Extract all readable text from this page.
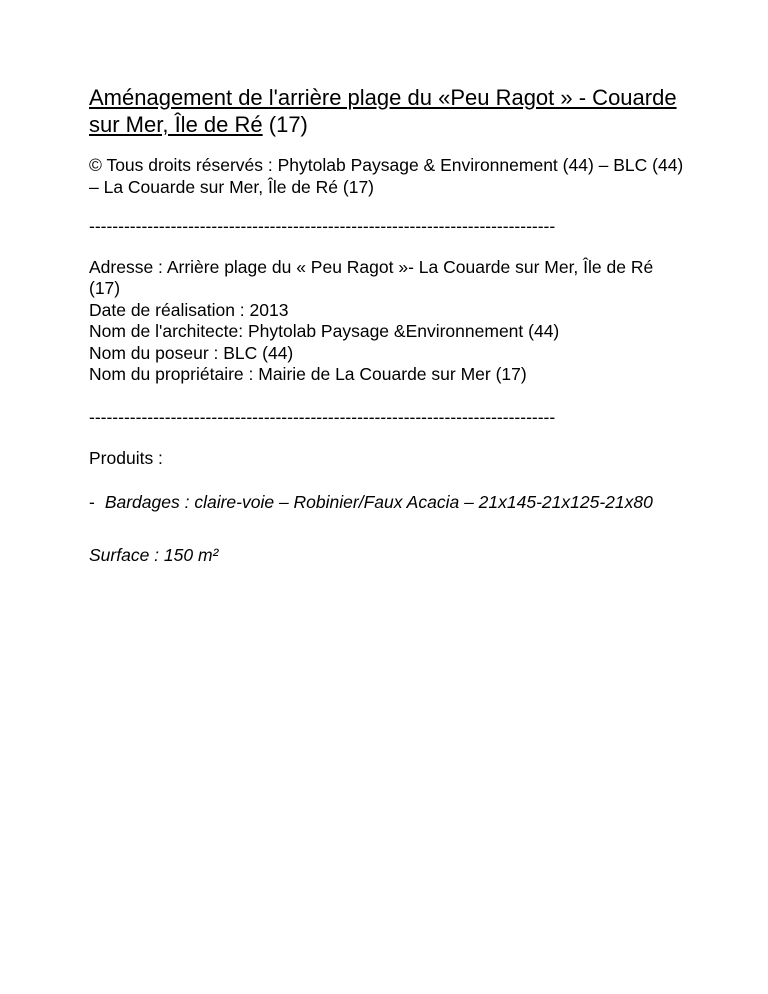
Aménagement de l'arrière plage du «Peu Ragot » - Couarde sur Mer, Île de Ré (17)

© Tous droits réservés : Phytolab Paysage & Environnement (44) – BLC (44) – La Couarde sur Mer, Île de Ré (17)

--------------------------------------------------------------------------------

Adresse : Arrière plage du « Peu Ragot »- La Couarde sur Mer, Île de Ré (17)
Date de réalisation : 2013
Nom de l'architecte: Phytolab Paysage &Environnement (44)
Nom du poseur : BLC (44)
Nom du propriétaire : Mairie de La Couarde sur Mer (17)

--------------------------------------------------------------------------------

Produits :

- Bardages : claire-voie – Robinier/Faux Acacia – 21x145-21x125-21x80

Surface : 150 m²
